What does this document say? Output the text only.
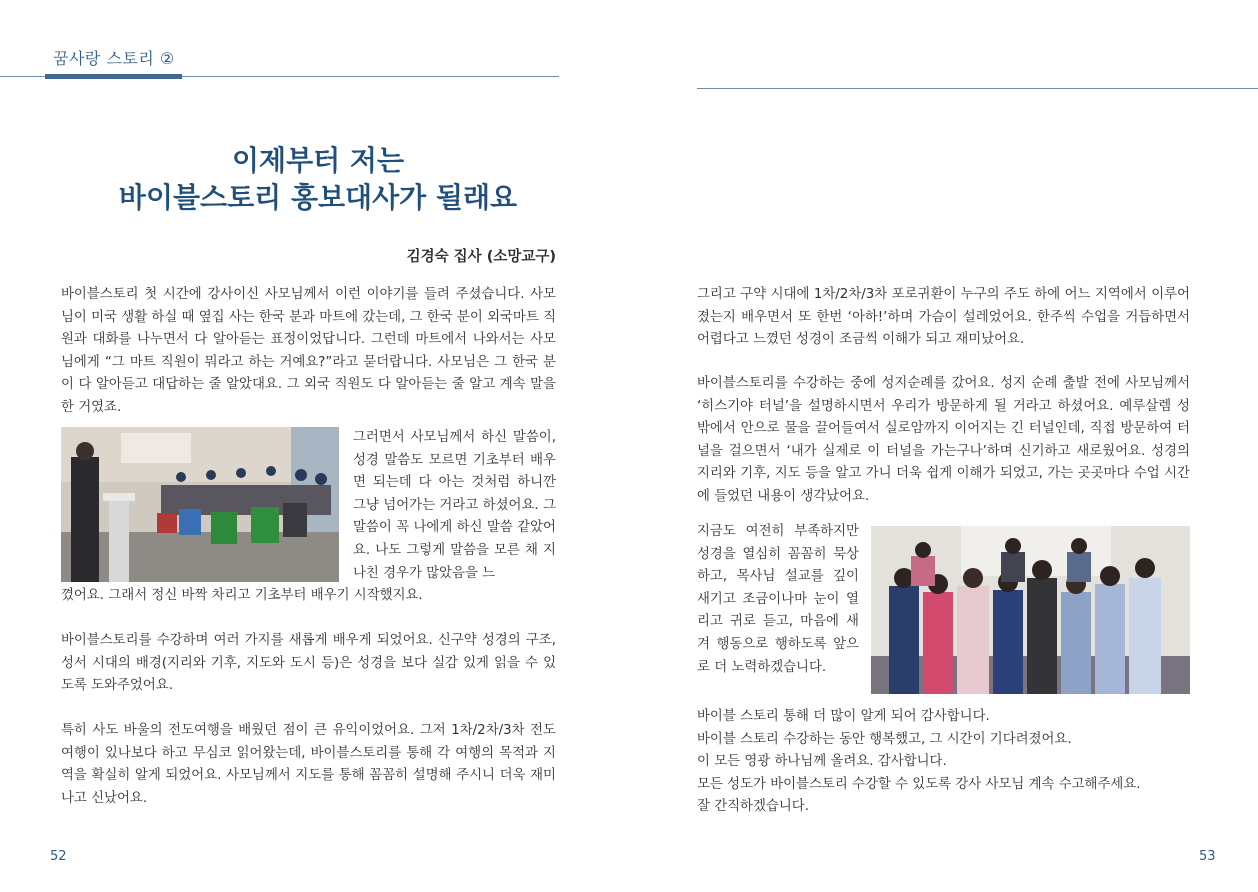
꿈사랑 스토리 ②
이제부터 저는
바이블스토리 홍보대사가 될래요
김경숙 집사 (소망교구)
바이블스토리 첫 시간에 강사이신 사모님께서 이런 이야기를 들려 주셨습니다. 사모님이 미국 생활 하실 때 옆집 사는 한국 분과 마트에 갔는데, 그 한국 분이 외국마트 직원과 대화를 나누면서 다 알아듣는 표정이었답니다. 그런데 마트에서 나와서는 사모님에게 “그 마트 직원이 뭐라고 하는 거예요?”라고 묻더랍니다. 사모님은 그 한국 분이 다 알아듣고 대답하는 줄 알았대요. 그 외국 직원도 다 알아듣는 줄 알고 계속 말을 한 거였죠.
그러면서 사모님께서 하신 말씀이, 성경 말씀도 모르면 기초부터 배우면 되는데 다 아는 것처럼 하니깐 그냥 넘어가는 거라고 하셨어요. 그 말씀이 꼭 나에게 하신 말씀 같았어요. 나도 그렇게 말씀을 모른 채 지나친 경우가 많았음을 느
꼈어요. 그래서 정신 바짝 차리고 기초부터 배우기 시작했지요.
바이블스토리를 수강하며 여러 가지를 새롭게 배우게 되었어요. 신구약 성경의 구조, 성서 시대의 배경(지리와 기후, 지도와 도시 등)은 성경을 보다 실감 있게 읽을 수 있도록 도와주었어요.
특히 사도 바울의 전도여행을 배웠던 점이 큰 유익이었어요. 그저 1차/2차/3차 전도여행이 있나보다 하고 무심코 읽어왔는데, 바이블스토리를 통해 각 여행의 목적과 지역을 확실히 알게 되었어요. 사모님께서 지도를 통해 꼼꼼히 설명해 주시니 더욱 재미나고 신났어요.
그리고 구약 시대에 1차/2차/3차 포로귀환이 누구의 주도 하에 어느 지역에서 이루어졌는지 배우면서 또 한번 ‘아하!’하며 가슴이 설레었어요. 한주씩 수업을 거듭하면서 어렵다고 느꼈던 성경이 조금씩 이해가 되고 재미났어요.
바이블스토리를 수강하는 중에 성지순례를 갔어요. 성지 순례 출발 전에 사모님께서 ‘히스기야 터널’을 설명하시면서 우리가 방문하게 될 거라고 하셨어요. 예루살렘 성 밖에서 안으로 물을 끌어들여서 실로암까지 이어지는 긴 터널인데, 직접 방문하여 터널을 걸으면서 ‘내가 실제로 이 터널을 가는구나’하며 신기하고 새로웠어요. 성경의 지리와 기후, 지도 등을 알고 가니 더욱 쉽게 이해가 되었고, 가는 곳곳마다 수업 시간에 들었던 내용이 생각났어요.
지금도 여전히 부족하지만 성경을 열심히 꼼꼼히 묵상하고, 목사님 설교를 깊이 새기고 조금이나마 눈이 열리고 귀로 듣고, 마음에 새겨 행동으로 행하도록 앞으로 더 노력하겠습니다.
바이블 스토리 통해 더 많이 알게 되어 감사합니다.
바이블 스토리 수강하는 동안 행복했고, 그 시간이 기다려졌어요.
이 모든 영광 하나님께 올려요. 감사합니다.
모든 성도가 바이블스토리 수강할 수 있도록 강사 사모님 계속 수고해주세요.
잘 간직하겠습니다.
52	53
